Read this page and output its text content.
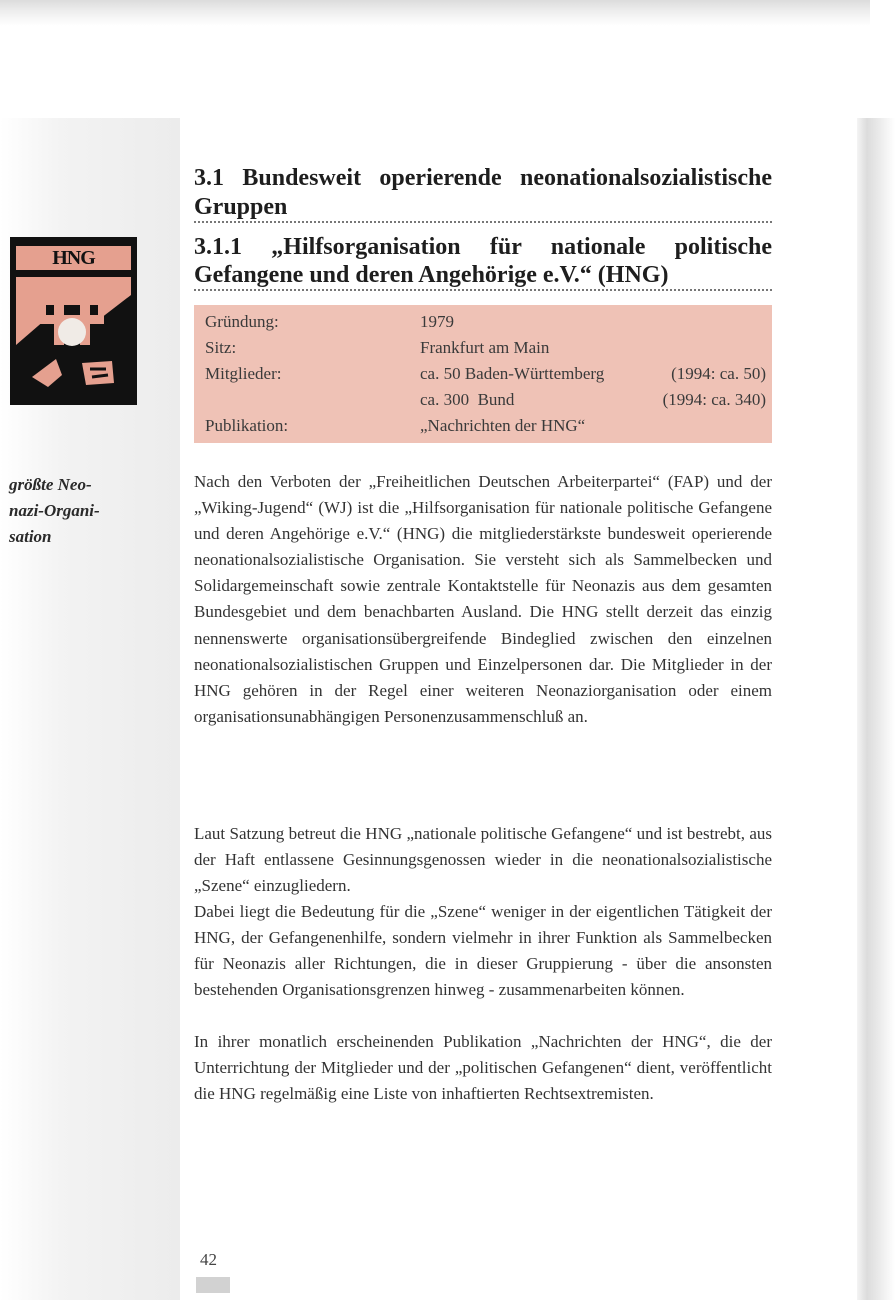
HNG
größte Neo-
nazi-Organi-
sation
3.1 Bundesweit operierende neonationalsozialistische Gruppen
3.1.1 „Hilfsorganisation für nationale politische Gefangene und deren Angehörige e.V.“ (HNG)
Gründung:	1979
Sitz:	Frankfurt am Main
Mitglieder:	ca. 50 Baden-Württemberg	(1994: ca. 50)
ca. 300  Bund	(1994: ca. 340)
Publikation:	„Nachrichten der HNG“

Nach den Verboten der „Freiheitlichen Deutschen Arbeiterpartei“ (FAP) und der „Wiking-Jugend“ (WJ) ist die „Hilfsorganisation für nationale politische Gefangene und deren Angehörige e.V.“ (HNG) die mitgliederstärkste bundesweit operierende neonationalsozialistische Organisation. Sie versteht sich als Sammelbecken und Solidargemeinschaft sowie zentrale Kontaktstelle für Neonazis aus dem gesamten Bundesgebiet und dem benachbarten Ausland. Die HNG stellt derzeit das einzig nennenswerte organisationsübergreifende Bindeglied zwischen den einzelnen neonationalsozialistischen Gruppen und Einzelpersonen dar. Die Mitglieder in der HNG gehören in der Regel einer weiteren Neonaziorganisation oder einem organisationsunabhängigen Personenzusammenschluß an.

Laut Satzung betreut die HNG „nationale politische Gefangene“ und ist bestrebt, aus der Haft entlassene Gesinnungsgenossen wieder in die neonationalsozialistische „Szene“ einzugliedern.

Dabei liegt die Bedeutung für die „Szene“ weniger in der eigentlichen Tätigkeit der HNG, der Gefangenenhilfe, sondern vielmehr in ihrer Funktion als Sammelbecken für Neonazis aller Richtungen, die in dieser Gruppierung - über die ansonsten bestehenden Organisationsgrenzen hinweg - zusammenarbeiten können.

In ihrer monatlich erscheinenden Publikation „Nachrichten der HNG“, die der Unterrichtung der Mitglieder und der „politischen Gefangenen“ dient, veröffentlicht die HNG regelmäßig eine Liste von inhaftierten Rechtsextremisten.

42
